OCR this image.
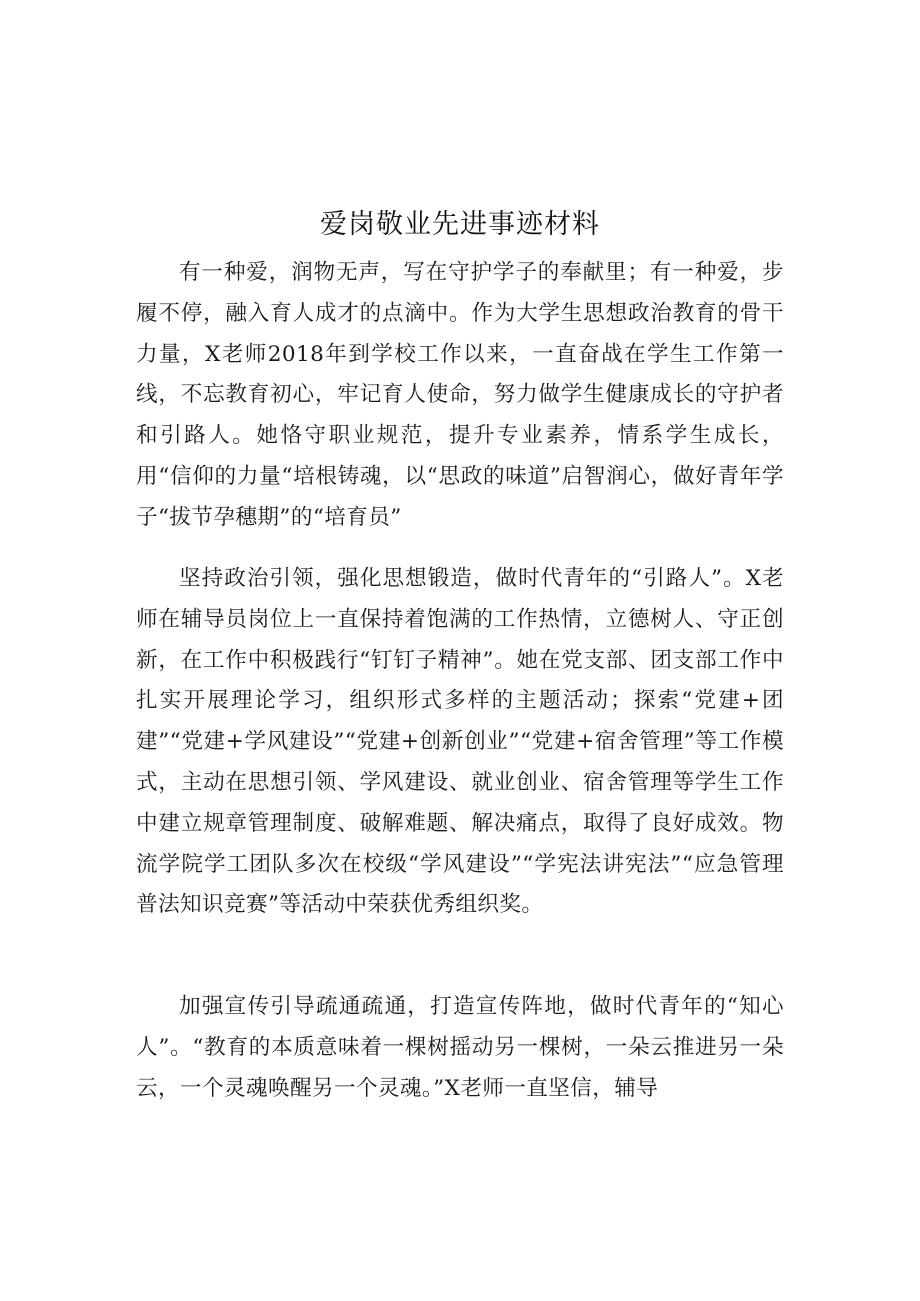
爱岗敬业先进事迹材料

有一种爱，润物无声，写在守护学子的奉献里；有一种爱，步履不停，融入育人成才的点滴中。作为大学生思想政治教育的骨干力量，X老师2018年到学校工作以来，一直奋战在学生工作第一线，不忘教育初心，牢记育人使命，努力做学生健康成长的守护者和引路人。她恪守职业规范，提升专业素养，情系学生成长，用“信仰的力量“培根铸魂，以“思政的味道”启智润心，做好青年学子“拔节孕穗期”的“培育员”

坚持政治引领，强化思想锻造，做时代青年的“引路人”。X老师在辅导员岗位上一直保持着饱满的工作热情，立德树人、守正创新，在工作中积极践行“钉钉子精神”。她在党支部、团支部工作中扎实开展理论学习，组织形式多样的主题活动；探索“党建+团建”“党建+学风建设”“党建+创新创业”“党建+宿舍管理”等工作模式，主动在思想引领、学风建设、就业创业、宿舍管理等学生工作中建立规章管理制度、破解难题、解决痛点，取得了良好成效。物流学院学工团队多次在校级“学风建设”“学宪法讲宪法”“应急管理普法知识竞赛”等活动中荣获优秀组织奖。

加强宣传引导疏通疏通，打造宣传阵地，做时代青年的“知心人”。“教育的本质意味着一棵树摇动另一棵树，一朵云推进另一朵云，一个灵魂唤醒另一个灵魂。”X老师一直坚信，辅导
